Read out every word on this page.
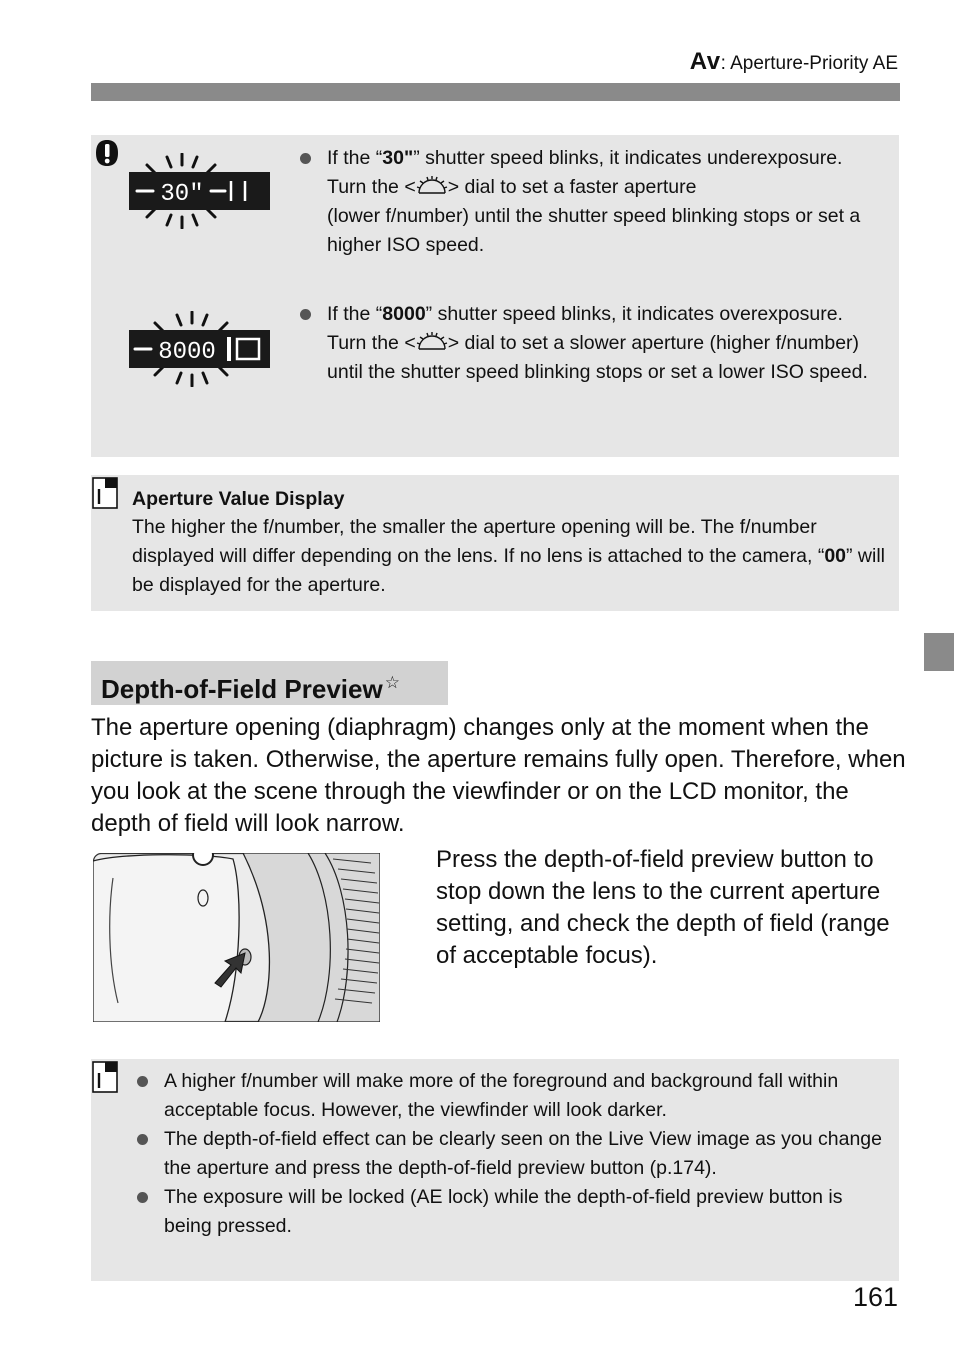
Av: Aperture-Priority AE
30"

If the “30"” shutter speed blinks, it indicates underexposure.

Turn the < > dial to set a faster aperture

(lower f/number) until the shutter speed blinking stops or set a higher ISO speed.

8000

If the “8000” shutter speed blinks, it indicates overexposure.

Turn the < > dial to set a slower aperture (higher f/number) until the shutter speed blinking stops or set a lower ISO speed.

Aperture Value Display
The higher the f/number, the smaller the aperture opening will be. The f/number displayed will differ depending on the lens. If no lens is attached to the camera, “00” will be displayed for the aperture.
Depth-of-Field Preview ☆

The aperture opening (diaphragm) changes only at the moment when the picture is taken. Otherwise, the aperture remains fully open. Therefore, when you look at the scene through the viewfinder or on the LCD monitor, the depth of field will look narrow.

Press the depth-of-field preview button to stop down the lens to the current aperture setting, and check the depth of field (range of acceptable focus).

A higher f/number will make more of the foreground and background fall within acceptable focus. However, the viewfinder will look darker.

The depth-of-field effect can be clearly seen on the Live View image as you change the aperture and press the depth-of-field preview button (p.174).

The exposure will be locked (AE lock) while the depth-of-field preview button is being pressed.

161
